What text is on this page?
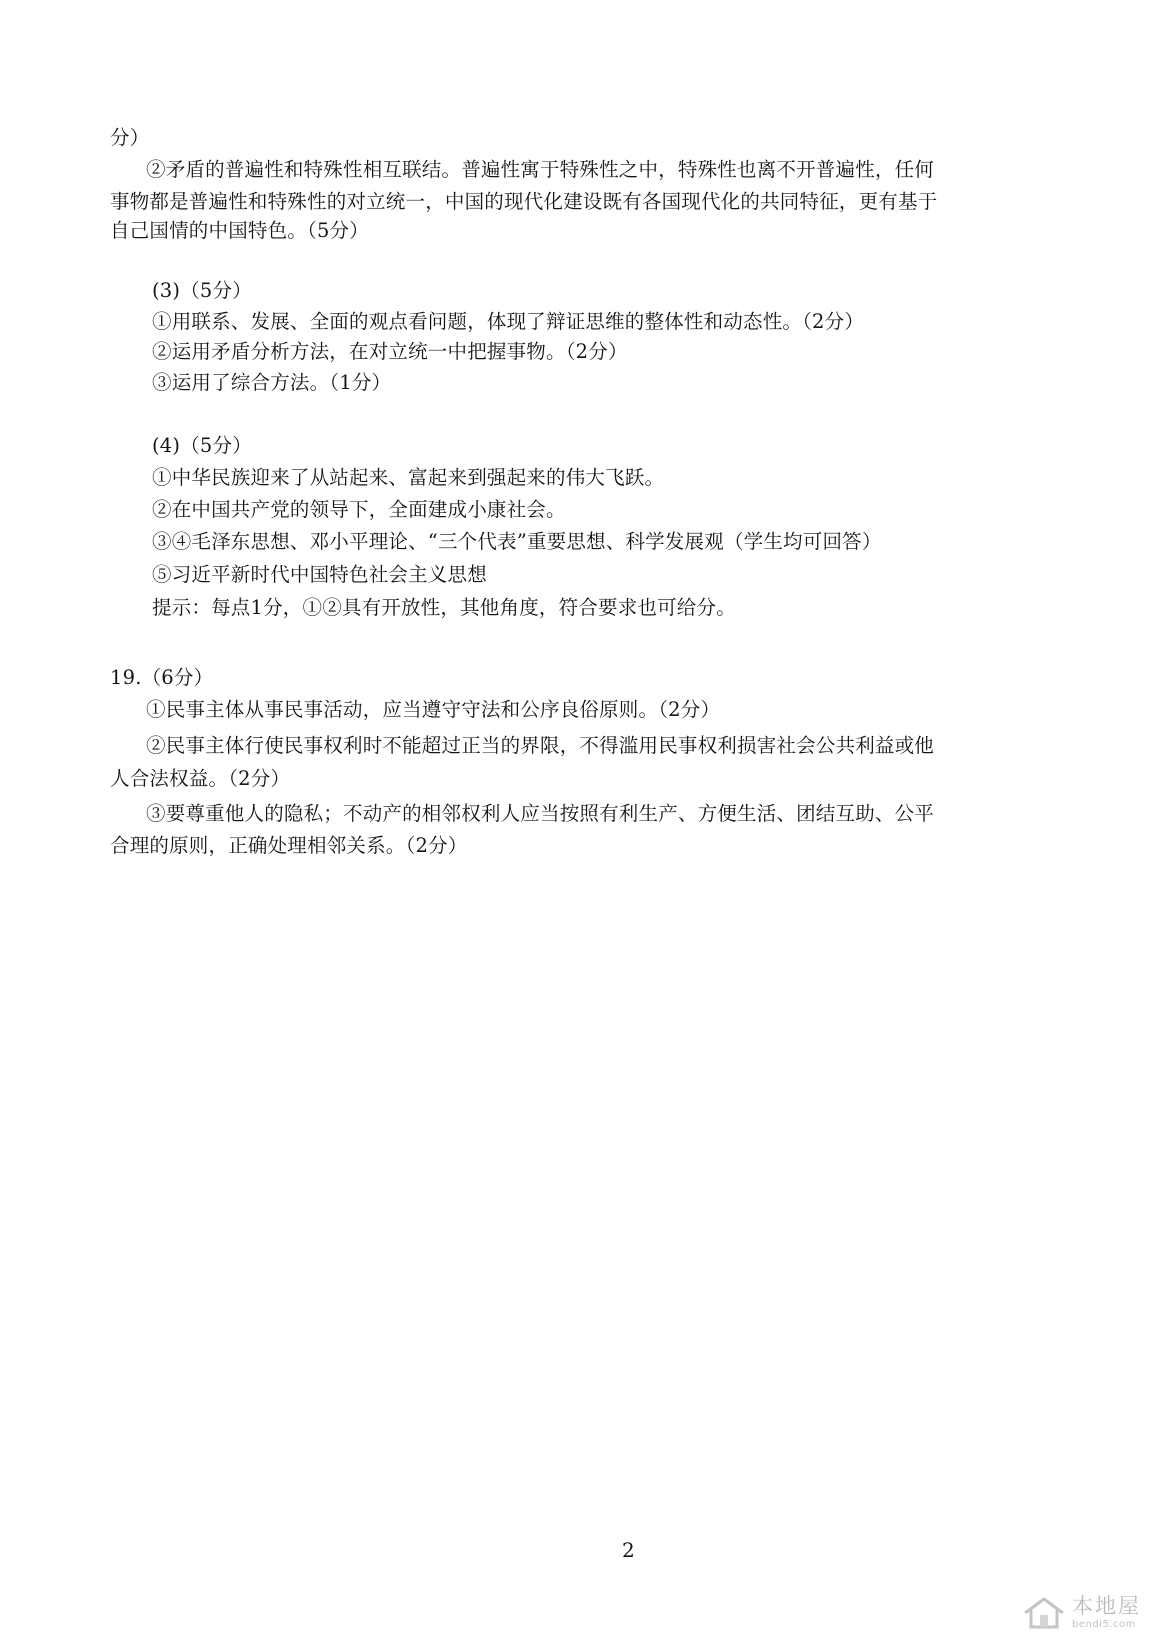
分）
②矛盾的普遍性和特殊性相互联结。普遍性寓于特殊性之中，特殊性也离不开普遍性，任何
事物都是普遍性和特殊性的对立统一，中国的现代化建设既有各国现代化的共同特征，更有基于
自己国情的中国特色。（5分）
(3)（5分）
①用联系、发展、全面的观点看问题，体现了辩证思维的整体性和动态性。（2分）
②运用矛盾分析方法，在对立统一中把握事物。（2分）
③运用了综合方法。（1分）
(4)（5分）
①中华民族迎来了从站起来、富起来到强起来的伟大飞跃。
②在中国共产党的领导下，全面建成小康社会。
③④毛泽东思想、邓小平理论、“三个代表”重要思想、科学发展观（学生均可回答）
⑤习近平新时代中国特色社会主义思想
提示：每点1分，①②具有开放性，其他角度，符合要求也可给分。
19.（6分）
①民事主体从事民事活动，应当遵守守法和公序良俗原则。（2分）
②民事主体行使民事权利时不能超过正当的界限，不得滥用民事权利损害社会公共利益或他
人合法权益。（2分）
③要尊重他人的隐私；不动产的相邻权利人应当按照有利生产、方便生活、团结互助、公平
合理的原则，正确处理相邻关系。（2分）
2
本地屋
bendi5.com
